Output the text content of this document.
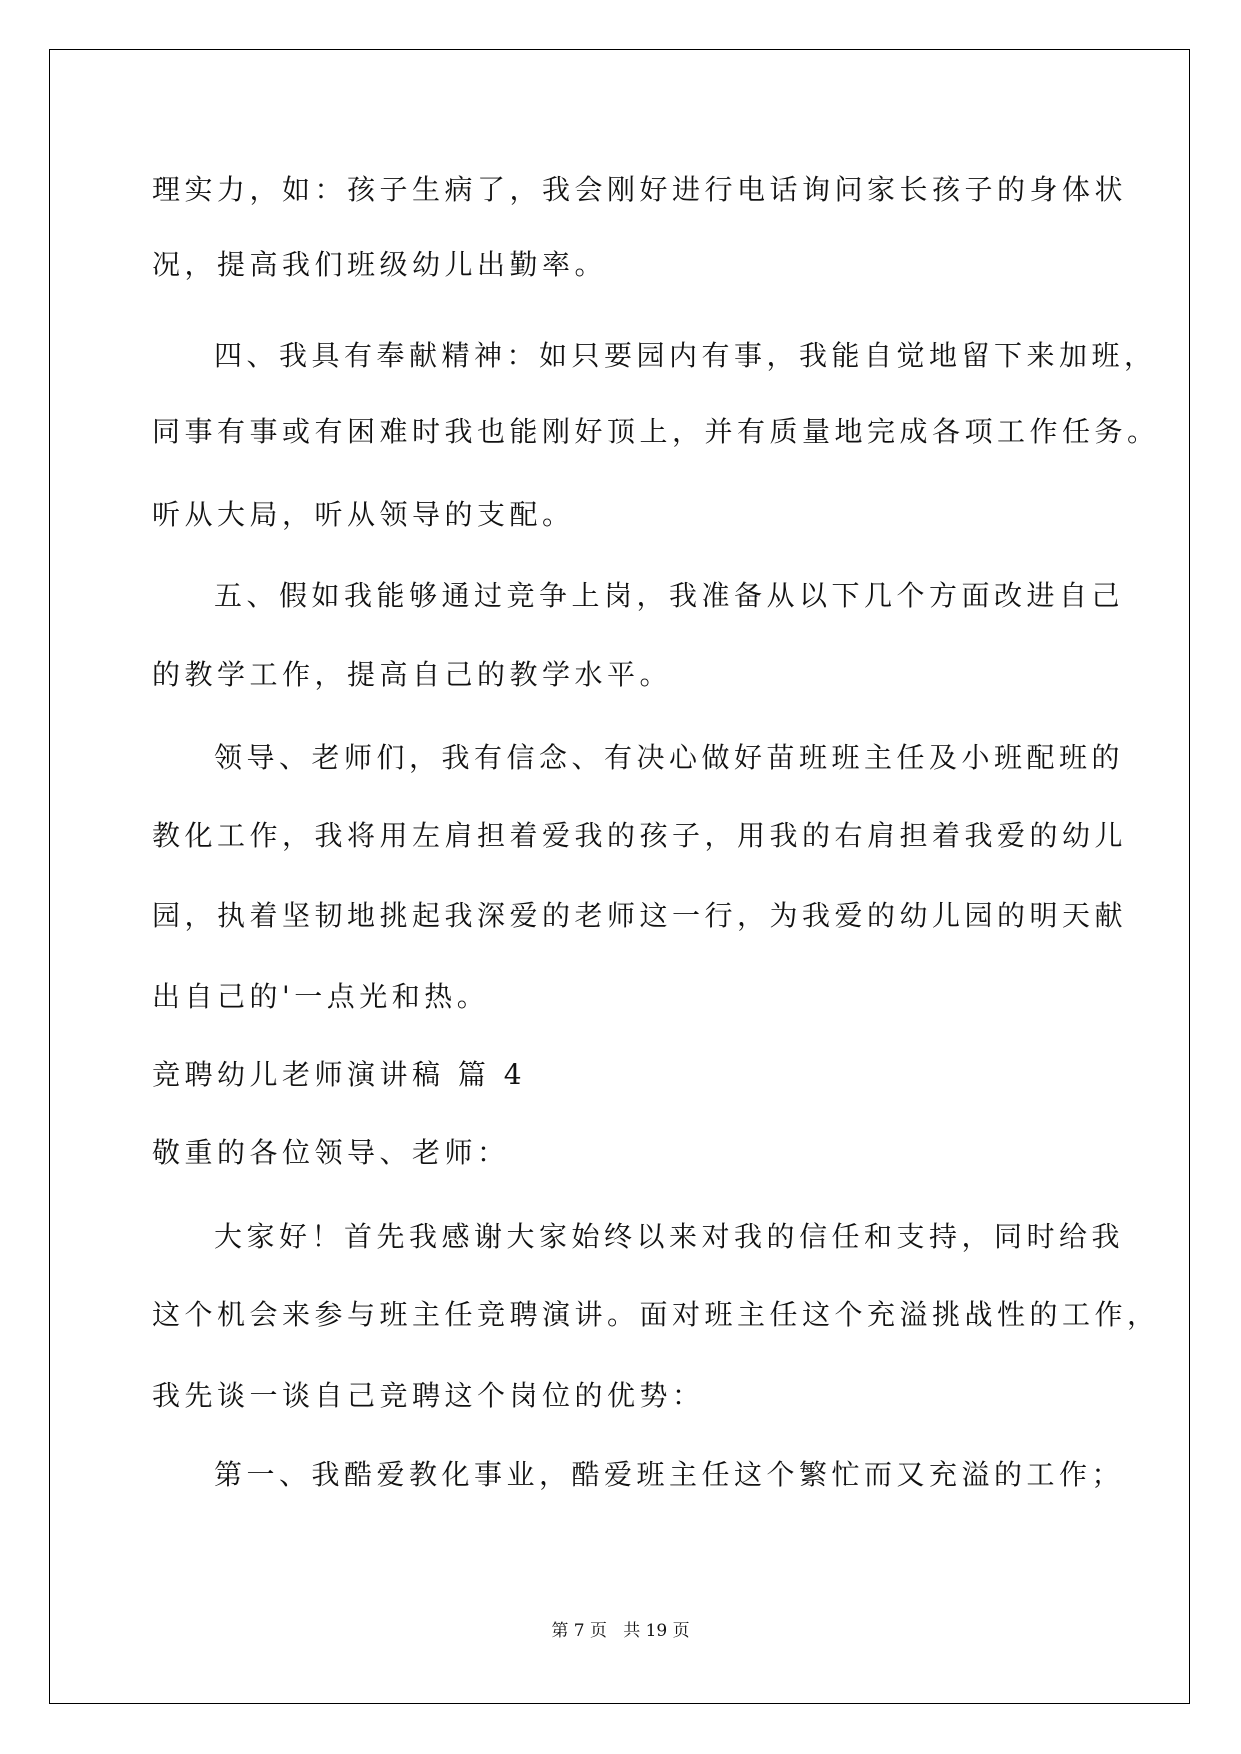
理实力，如：孩子生病了，我会刚好进行电话询问家长孩子的身体状
况，提高我们班级幼儿出勤率。
四、我具有奉献精神：如只要园内有事，我能自觉地留下来加班，
同事有事或有困难时我也能刚好顶上，并有质量地完成各项工作任务。
听从大局，听从领导的支配。
五、假如我能够通过竞争上岗，我准备从以下几个方面改进自己
的教学工作，提高自己的教学水平。
领导、老师们，我有信念、有决心做好苗班班主任及小班配班的
教化工作，我将用左肩担着爱我的孩子，用我的右肩担着我爱的幼儿
园，执着坚韧地挑起我深爱的老师这一行，为我爱的幼儿园的明天献
出自己的'一点光和热。
竞聘幼儿老师演讲稿 篇 4
敬重的各位领导、老师：
大家好！首先我感谢大家始终以来对我的信任和支持，同时给我
这个机会来参与班主任竞聘演讲。面对班主任这个充溢挑战性的工作，
我先谈一谈自己竞聘这个岗位的优势：
第一、我酷爱教化事业，酷爱班主任这个繁忙而又充溢的工作；
第 7 页   共 19 页
